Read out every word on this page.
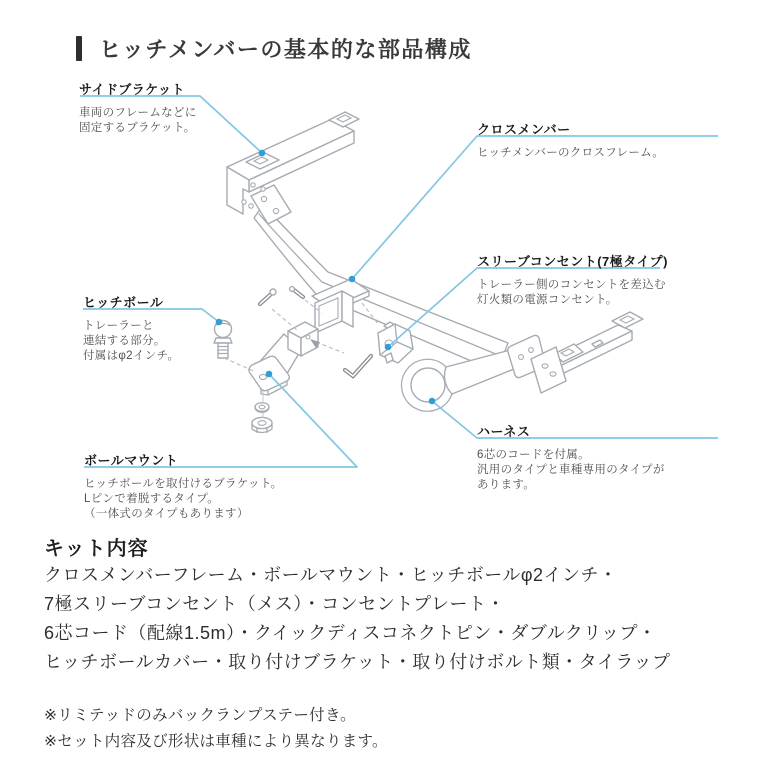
ヒッチメンバーの基本的な部品構成
サイドブラケット

車両のフレームなどに

固定するブラケット。	クロスメンバー

ヒッチメンバーのクロスフレーム。

スリーブコンセント(7極タイプ)

トレーラー側のコンセントを差込む

灯火類の電源コンセント。

ヒッチボール

トレーラーと

連結する部分。

付属はφ2インチ。

ハーネス

6芯のコードを付属。

汎用のタイプと車種専用のタイプが

あります。

ボールマウント

ヒッチボールを取付けるブラケット。

Lピンで着脱するタイプ。

（一体式のタイプもあります）

キット内容

クロスメンバーフレーム・ボールマウント・ヒッチボールφ2インチ・

7極スリーブコンセント（メス）・コンセントプレート・

6芯コード（配線1.5m）・クイックディスコネクトピン・ダブルクリップ・

ヒッチボールカバー・取り付けブラケット・取り付けボルト類・タイラップ

※リミテッドのみバックランプステー付き。

※セット内容及び形状は車種により異なります。
